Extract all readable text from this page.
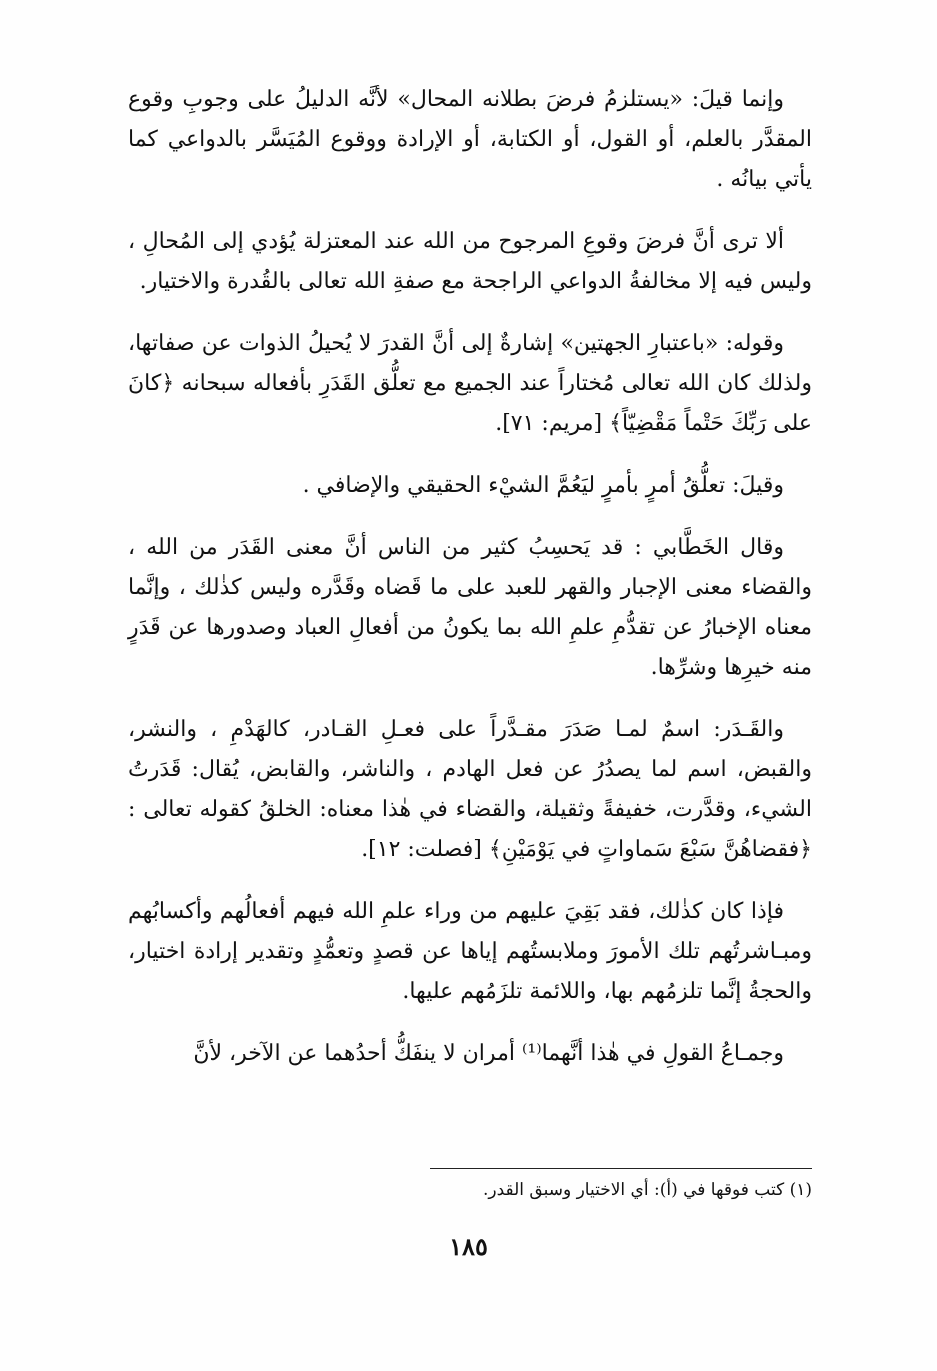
وإنما قيلَ: «يستلزمُ فرضَ بطلانه المحال» لأنَّه الدليلُ على وجوبِ وقوع المقدَّر بالعلم، أو القول، أو الكتابة، أو الإرادة ووقوع المُيَسَّر بالدواعي كما يأتي بيانُه .

ألا ترى أنَّ فرضَ وقوعِ المرجوح من الله عند المعتزلة يُؤدي إلى المُحالِ ، وليس فيه إلا مخالفةُ الدواعي الراجحة مع صفةِ الله تعالى بالقُدرة والاختيار.

وقوله: «باعتبارِ الجهتين» إشارةٌ إلى أنَّ القدرَ لا يُحيلُ الذوات عن صفاتها، ولذلك كان الله تعالى مُختاراً عند الجميع مع تعلُّق القَدَرِ بأفعاله سبحانه ﴿كانَ على رَبِّكَ حَتْماً مَقْضِيّاً﴾ [مريم: ٧١].

وقيلَ: تعلُّقُ أمرٍ بأمرٍ ليَعُمَّ الشيْء الحقيقي والإضافي .

وقال الخَطَّابي : قد يَحسِبُ كثير من الناس أنَّ معنى القَدَر من الله ، والقضاء معنى الإجبار والقهر للعبد على ما قَضاه وقَدَّره وليس كذٰلك ، وإنَّما معناه الإخبارُ عن تقدُّمِ علمِ الله بما يكونُ من أفعالِ العباد وصدورها عن قَدَرٍ منه خيرِها وشرِّها.

والقَـدَر: اسمٌ لمـا صَدَرَ مقـدَّراً على فعـلِ القـادر، كالهَدْمِ ، والنشر، والقبض، اسم لما يصدُرُ عن فعل الهادم ، والناشر، والقابض، يُقال: قَدَرتُ الشيء، وقدَّرت، خفيفةً وثقيلة، والقضاء في هٰذا معناه: الخلقُ كقوله تعالى : ﴿فقضاهُنَّ سَبْعَ سَماواتٍ في يَوْمَيْنِ﴾ [فصلت: ١٢].

فإذا كان كذٰلك، فقد بَقِيَ عليهم من وراء علمِ الله فيهم أفعالُهم وأكسابُهم ومبـاشرتُهم تلك الأمورَ وملابستُهم إياها عن قصدٍ وتعمُّدٍ وتقدير إرادة اختيار، والحجةُ إنَّما تلزمُهم بها، واللائمة تلزَمُهم عليها.

وجمـاعُ القولِ في هٰذا أنَّهما⁽¹⁾ أمران لا ينفَكُّ أحدُهما عن الآخر، لأنَّ

(١) كتب فوقها في (أ): أي الاختيار وسبق القدر.
١٨٥
